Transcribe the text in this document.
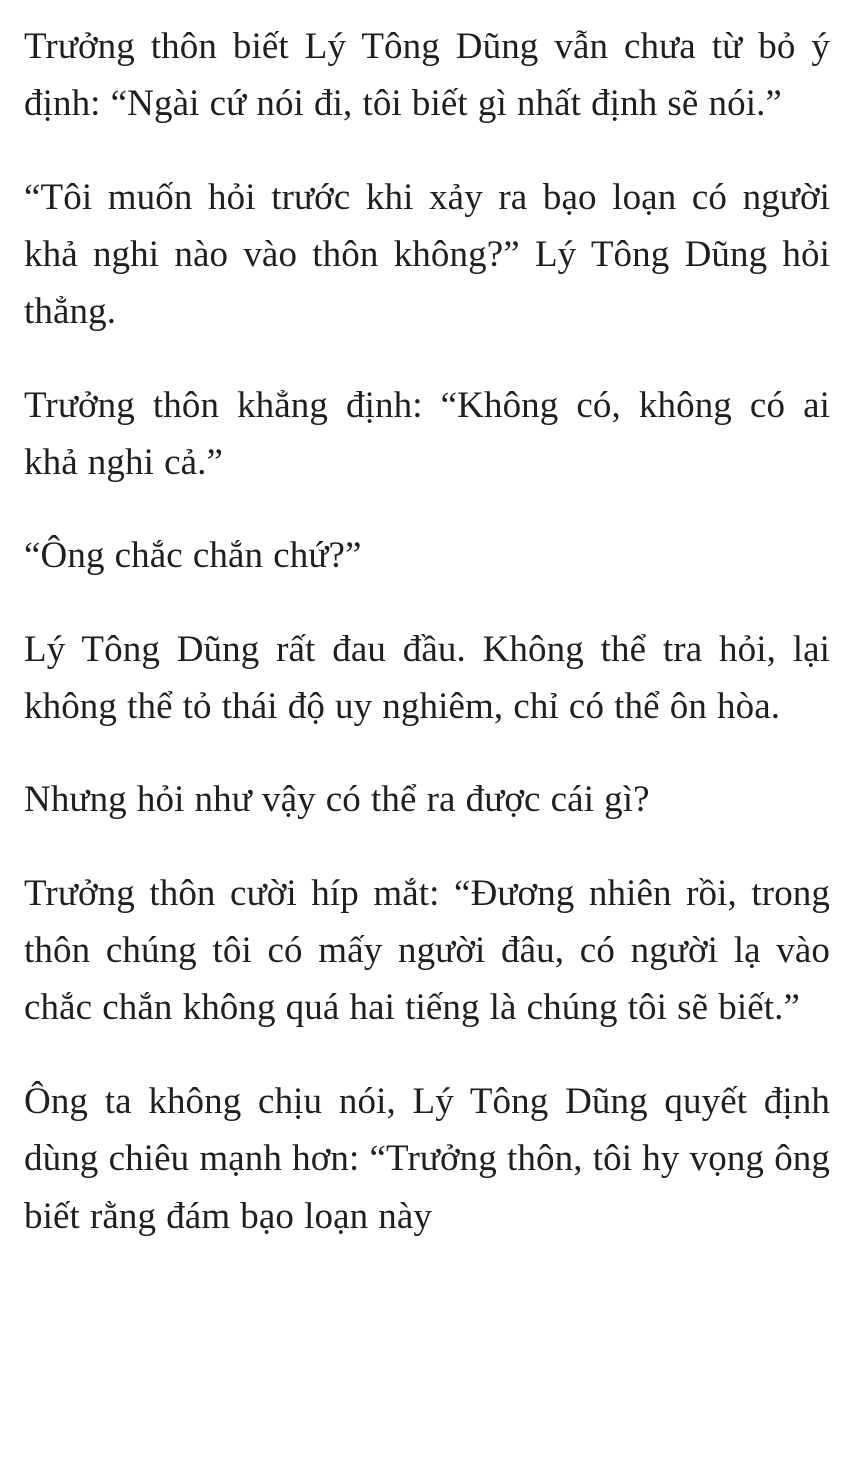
Trưởng thôn biết Lý Tông Dũng vẫn chưa từ bỏ ý định: “Ngài cứ nói đi, tôi biết gì nhất định sẽ nói.”

“Tôi muốn hỏi trước khi xảy ra bạo loạn có người khả nghi nào vào thôn không?” Lý Tông Dũng hỏi thẳng.

Trưởng thôn khẳng định: “Không có, không có ai khả nghi cả.”

“Ông chắc chắn chứ?”

Lý Tông Dũng rất đau đầu. Không thể tra hỏi, lại không thể tỏ thái độ uy nghiêm, chỉ có thể ôn hòa.

Nhưng hỏi như vậy có thể ra được cái gì?

Trưởng thôn cười híp mắt: “Đương nhiên rồi, trong thôn chúng tôi có mấy người đâu, có người lạ vào chắc chắn không quá hai tiếng là chúng tôi sẽ biết.”

Ông ta không chịu nói, Lý Tông Dũng quyết định dùng chiêu mạnh hơn: “Trưởng thôn, tôi hy vọng ông biết rằng đám bạo loạn này
